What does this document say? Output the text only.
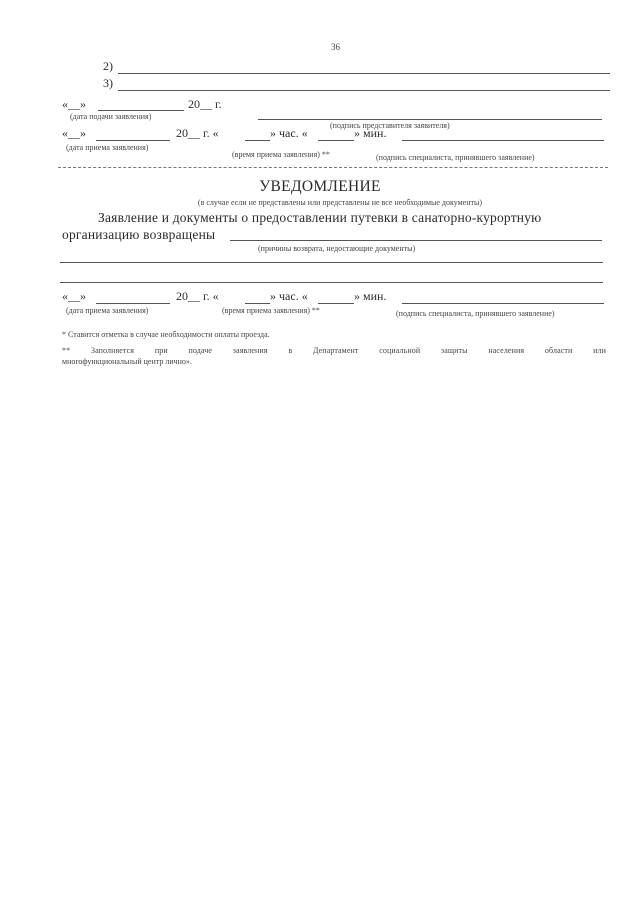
36
2)
3)
«__»	20__ г.
(дата подачи заявления)
(подпись представителя заявителя)
«__»	20__ г. «	» час. «	» мин.
(дата приема заявления)
(время приема заявления) **	(подпись специалиста, принявшего заявление)
УВЕДОМЛЕНИЕ
(в случае если не представлены или представлены не все необходимые документы)
Заявление и документы о предоставлении путевки в санаторно-курортную
организацию возвращены
(причины возврата, недостающие документы)
«__»	20__ г. «	» час. «	» мин.
(дата приема заявления)	(время приема заявления) **	(подпись специалиста, принявшего заявление)
* Ставится отметка в случае необходимости оплаты проезда.
** Заполняется при подаче заявления в Департамент социальной защиты населения области или
многофункциональный центр лично».
